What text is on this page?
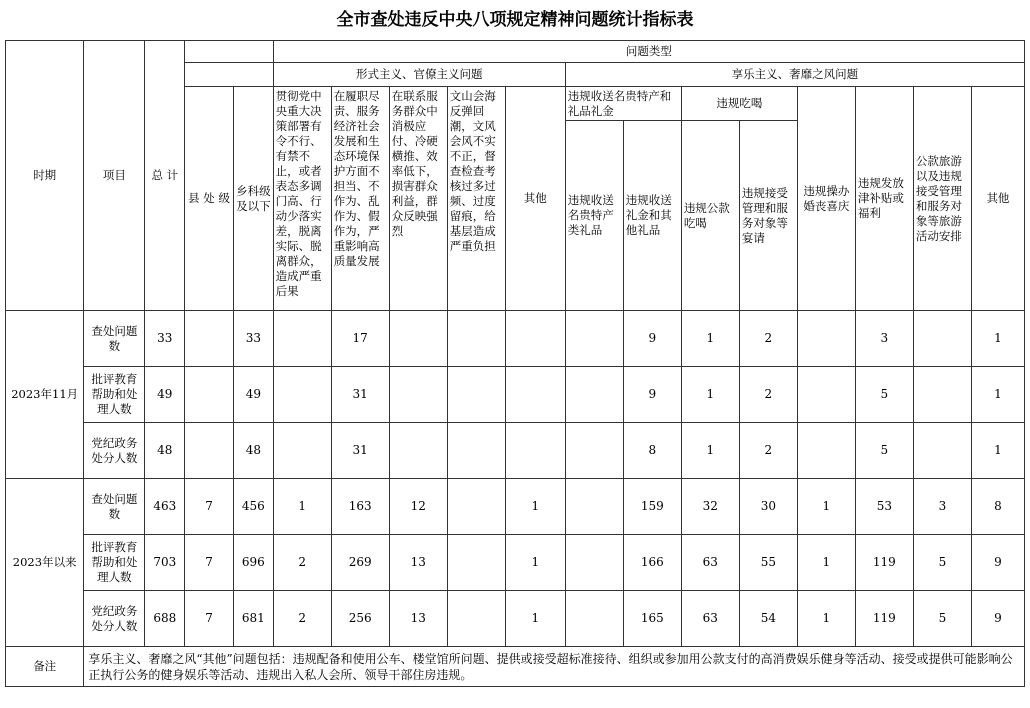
全市查处违反中央八项规定精神问题统计指标表
时期	项目	总 计			问题类型												
					形式主义、官僚主义问题					享乐主义、奢靡之风问题							
			县 处 级	乡科级及以下	贯彻党中央重大决策部署有令不行、有禁不止，或者表态多调门高、行动少落实差，脱离实际、脱离群众，造成严重后果	在履职尽责、服务经济社会发展和生态环境保护方面不担当、不作为、乱作为、假作为，严重影响高质量发展	在联系服务群众中消极应付、冷硬横推、效率低下，损害群众利益，群众反映强烈	文山会海反弹回潮，文风会风不实不正，督查检查考核过多过频、过度留痕，给基层造成严重负担	其他	违规收送名贵特产和礼品礼金		违规吃喝		违规操办婚丧喜庆	违规发放津补贴或福利	公款旅游以及违规接受管理和服务对象等旅游活动安排	其他
										违规收送名贵特产类礼品	违规收送礼金和其他礼品	违规公款吃喝	违规接受管理和服务对象等宴请				
2023年11月	查处问题数	33		33		17					9	1	2		3		1
	批评教育帮助和处理人数	49		49		31					9	1	2		5		1
	党纪政务处分人数	48		48		31					8	1	2		5		1
2023年以来	查处问题数	463	7	456	1	163	12		1		159	32	30	1	53	3	8
	批评教育帮助和处理人数	703	7	696	2	269	13		1		166	63	55	1	119	5	9
	党纪政务处分人数	688	7	681	2	256	13		1		165	63	54	1	119	5	9
备注	享乐主义、奢靡之风“其他”问题包括：违规配备和使用公车、楼堂馆所问题、提供或接受超标准接待、组织或参加用公款支付的高消费娱乐健身等活动、接受或提供可能影响公正执行公务的健身娱乐等活动、违规出入私人会所、领导干部住房违规。																
